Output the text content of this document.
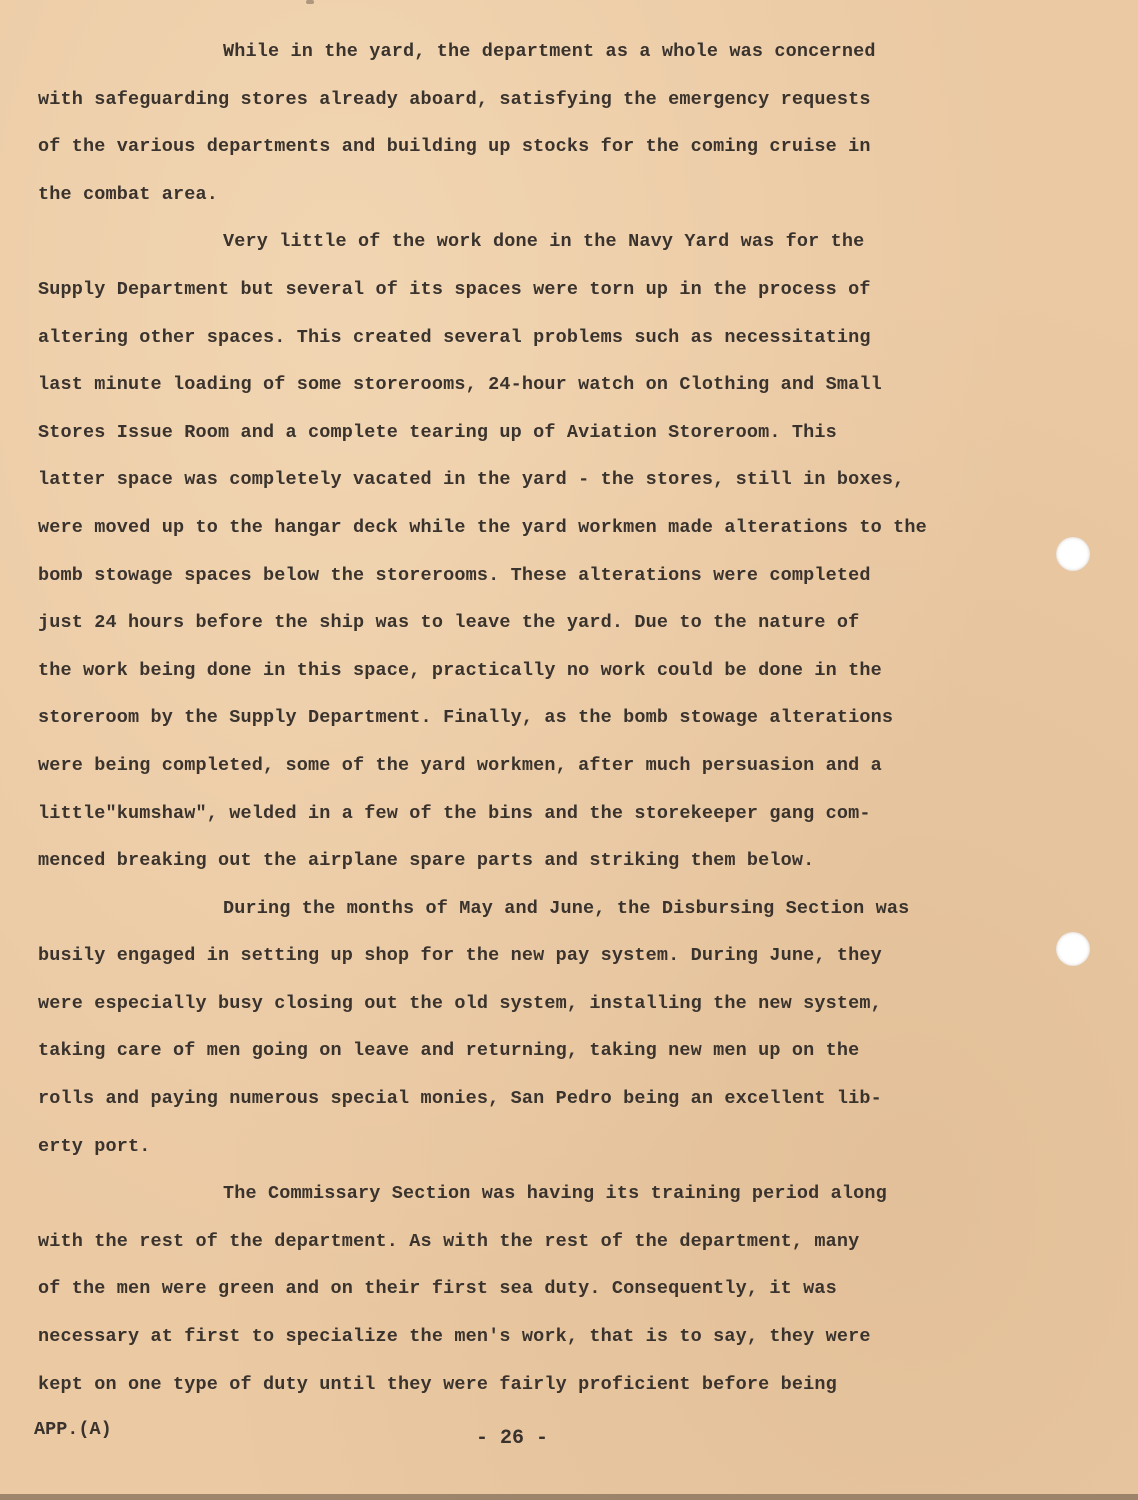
While in the yard, the department as a whole was concerned
with safeguarding stores already aboard, satisfying the emergency requests
of the various departments and building up stocks for the coming cruise in
the combat area.
Very little of the work done in the Navy Yard was for the
Supply Department but several of its spaces were torn up in the process of
altering other spaces. This created several problems such as necessitating
last minute loading of some storerooms, 24-hour watch on Clothing and Small
Stores Issue Room and a complete tearing up of Aviation Storeroom. This
latter space was completely vacated in the yard - the stores, still in boxes,
were moved up to the hangar deck while the yard workmen made alterations to the
bomb stowage spaces below the storerooms. These alterations were completed
just 24 hours before the ship was to leave the yard. Due to the nature of
the work being done in this space, practically no work could be done in the
storeroom by the Supply Department. Finally, as the bomb stowage alterations
were being completed, some of the yard workmen, after much persuasion and a
little"kumshaw", welded in a few of the bins and the storekeeper gang com-
menced breaking out the airplane spare parts and striking them below.
During the months of May and June, the Disbursing Section was
busily engaged in setting up shop for the new pay system. During June, they
were especially busy closing out the old system, installing the new system,
taking care of men going on leave and returning, taking new men up on the
rolls and paying numerous special monies, San Pedro being an excellent lib-
erty port.
The Commissary Section was having its training period along
with the rest of the department. As with the rest of the department, many
of the men were green and on their first sea duty. Consequently, it was
necessary at first to specialize the men's work, that is to say, they were
kept on one type of duty until they were fairly proficient before being
APP.(A)	- 26 -
